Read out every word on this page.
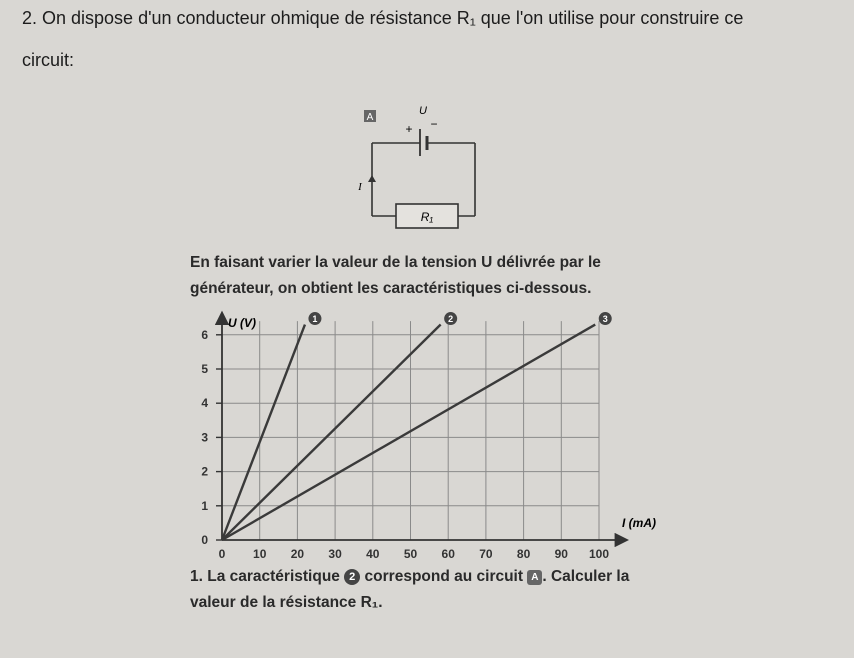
2. On dispose d'un conducteur ohmique de résistance R₁ que l'on utilise pour construire ce
circuit:
A
U
+ −
R₁
I
En faisant varier la valeur de la tension U délivrée par le
générateur, on obtient les caractéristiques ci-dessous.
0 10 20 30 40 50 60 70 80 90 100
0
1
2
3
4
5
6
1	2	3
U (V)
I (mA)
1. La caractéristique 2 correspond au circuit A . Calculer la
valeur de la résistance R₁.
